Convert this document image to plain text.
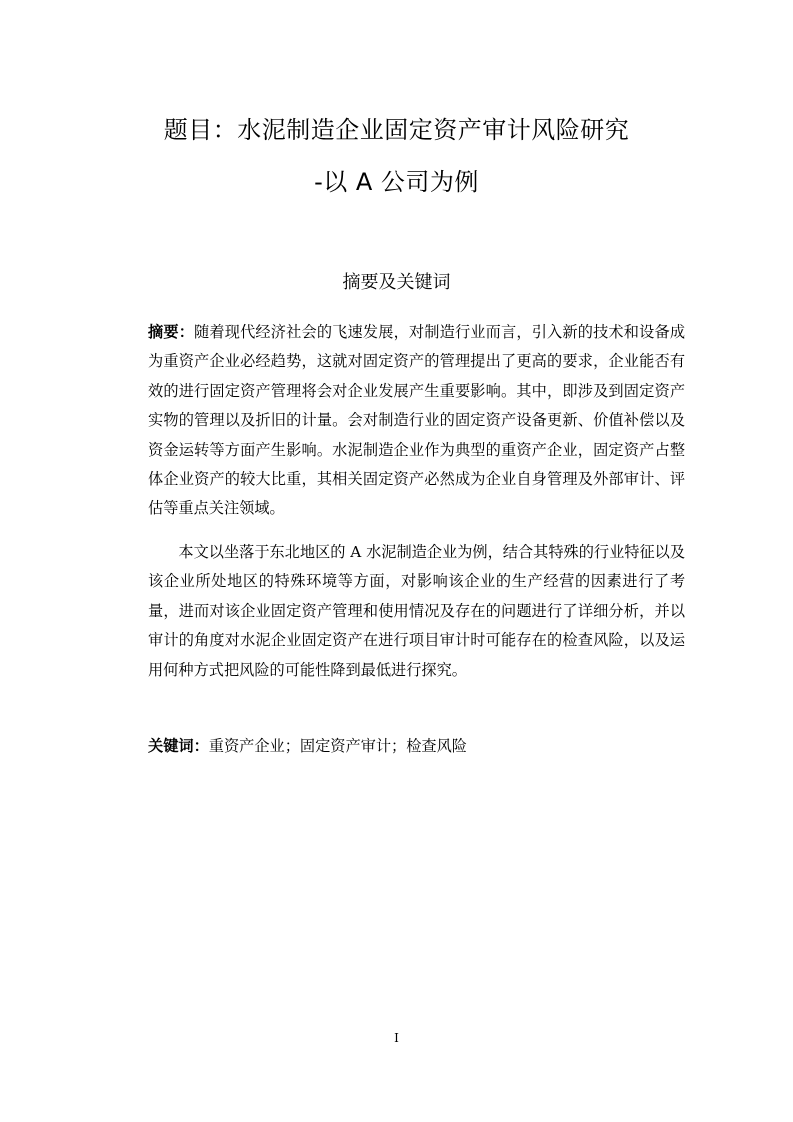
题目：水泥制造企业固定资产审计风险研究
-以 A 公司为例
摘要及关键词

摘要：随着现代经济社会的飞速发展，对制造行业而言，引入新的技术和设备成为重资产企业必经趋势，这就对固定资产的管理提出了更高的要求，企业能否有效的进行固定资产管理将会对企业发展产生重要影响。其中，即涉及到固定资产实物的管理以及折旧的计量。会对制造行业的固定资产设备更新、价值补偿以及资金运转等方面产生影响。水泥制造企业作为典型的重资产企业，固定资产占整体企业资产的较大比重，其相关固定资产必然成为企业自身管理及外部审计、评估等重点关注领域。

本文以坐落于东北地区的 A 水泥制造企业为例，结合其特殊的行业特征以及该企业所处地区的特殊环境等方面，对影响该企业的生产经营的因素进行了考量，进而对该企业固定资产管理和使用情况及存在的问题进行了详细分析，并以审计的角度对水泥企业固定资产在进行项目审计时可能存在的检查风险，以及运用何种方式把风险的可能性降到最低进行探究。

关键词：重资产企业；固定资产审计；检查风险

I
